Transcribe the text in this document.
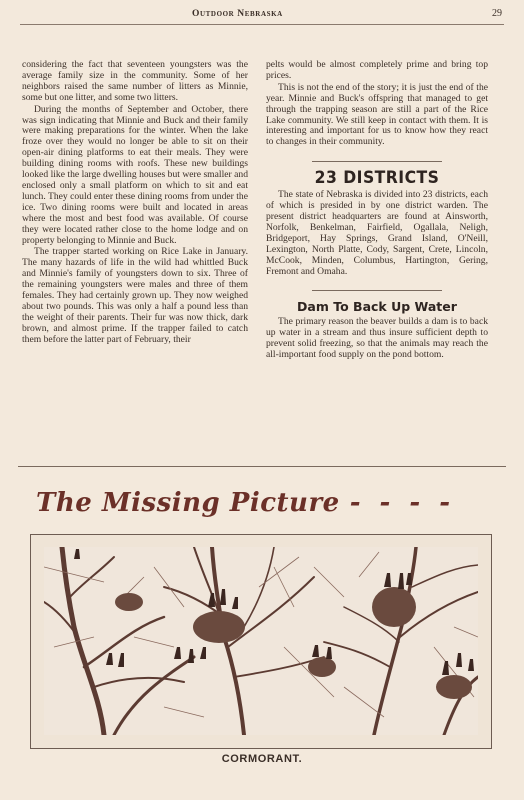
Outdoor Nebraska	29

considering the fact that seventeen youngsters was the average family size in the community. Some of her neighbors raised the same number of litters as Minnie, some but one litter, and some two litters.

During the months of September and October, there was sign indicating that Minnie and Buck and their family were making preparations for the winter. When the lake froze over they would no longer be able to sit on their open-air dining platforms to eat their meals. They were building dining rooms with roofs. These new buildings looked like the large dwelling houses but were smaller and enclosed only a small platform on which to sit and eat lunch. They could enter these dining rooms from under the ice. Two dining rooms were built and located in areas where the most and best food was available. Of course they were located rather close to the home lodge and on property belonging to Minnie and Buck.

The trapper started working on Rice Lake in January. The many hazards of life in the wild had whittled Buck and Minnie's family of youngsters down to six. Three of the remaining youngsters were males and three of them females. They had certainly grown up. They now weighed about two pounds. This was only a half a pound less than the weight of their parents. Their fur was now thick, dark brown, and almost prime. If the trapper failed to catch them before the latter part of February, their

pelts would be almost completely prime and bring top prices.

This is not the end of the story; it is just the end of the year. Minnie and Buck's offspring that managed to get through the trapping season are still a part of the Rice Lake community. We still keep in contact with them. It is interesting and important for us to know how they react to changes in their community.

23 DISTRICTS

The state of Nebraska is divided into 23 districts, each of which is presided in by one district warden. The present district headquarters are found at Ainsworth, Norfolk, Benkelman, Fairfield, Ogallala, Neligh, Bridgeport, Hay Springs, Grand Island, O'Neill, Lexington, North Platte, Cody, Sargent, Crete, Lincoln, McCook, Minden, Columbus, Hartington, Gering, Fremont and Omaha.

Dam To Back Up Water

The primary reason the beaver builds a dam is to back up water in a stream and thus insure sufficient depth to prevent solid freezing, so that the animals may reach the all-important food supply on the pond bottom.

The Missing Picture - - - -
CORMORANT.
